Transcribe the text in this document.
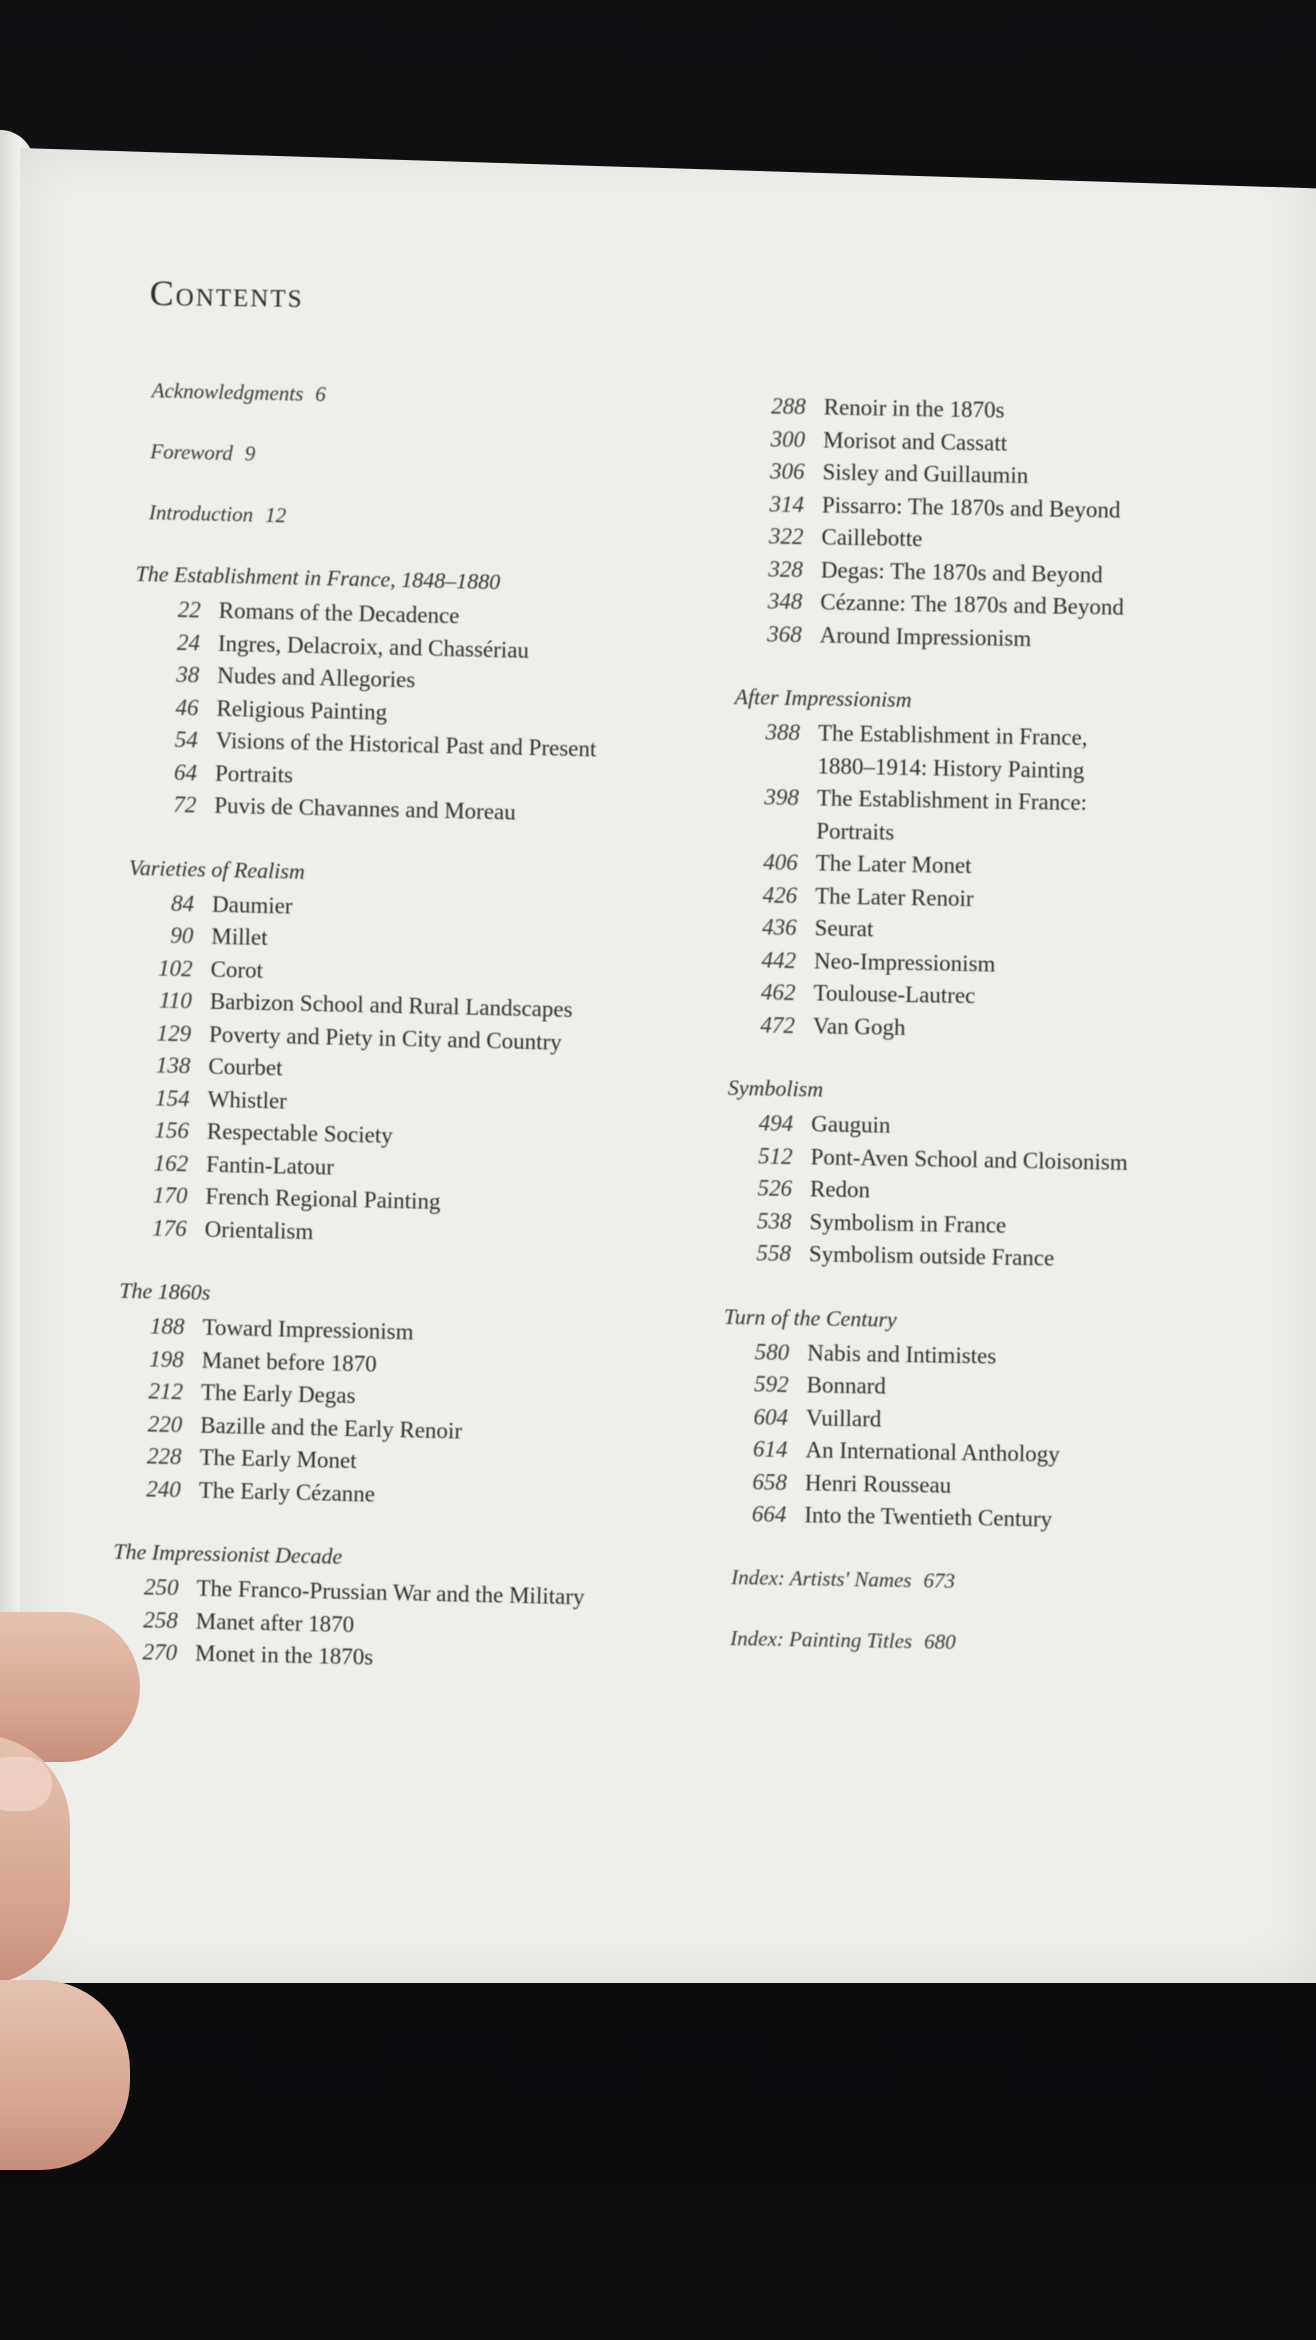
Contents

Acknowledgments 6

Foreword 9

Introduction 12

The Establishment in France, 1848–1880
22 Romans of the Decadence
24 Ingres, Delacroix, and Chassériau
38 Nudes and Allegories
46 Religious Painting
54 Visions of the Historical Past and Present
64 Portraits
72 Puvis de Chavannes and Moreau
Varieties of Realism
84 Daumier
90 Millet
102 Corot
110 Barbizon School and Rural Landscapes
129 Poverty and Piety in City and Country
138 Courbet
154 Whistler
156 Respectable Society
162 Fantin-Latour
170 French Regional Painting
176 Orientalism
The 1860s
188 Toward Impressionism
198 Manet before 1870
212 The Early Degas
220 Bazille and the Early Renoir
228 The Early Monet
240 The Early Cézanne
The Impressionist Decade
250 The Franco-Prussian War and the Military
258 Manet after 1870
270 Monet in the 1870s
288 Renoir in the 1870s
300 Morisot and Cassatt
306 Sisley and Guillaumin
314 Pissarro: The 1870s and Beyond
322 Caillebotte
328 Degas: The 1870s and Beyond
348 Cézanne: The 1870s and Beyond
368 Around Impressionism
After Impressionism
388 The Establishment in France,
1880–1914: History Painting
398 The Establishment in France:
Portraits
406 The Later Monet
426 The Later Renoir
436 Seurat
442 Neo-Impressionism
462 Toulouse-Lautrec
472 Van Gogh
Symbolism
494 Gauguin
512 Pont-Aven School and Cloisonism
526 Redon
538 Symbolism in France
558 Symbolism outside France
Turn of the Century
580 Nabis and Intimistes
592 Bonnard
604 Vuillard
614 An International Anthology
658 Henri Rousseau
664 Into the Twentieth Century

Index: Artists' Names 673

Index: Painting Titles 680
